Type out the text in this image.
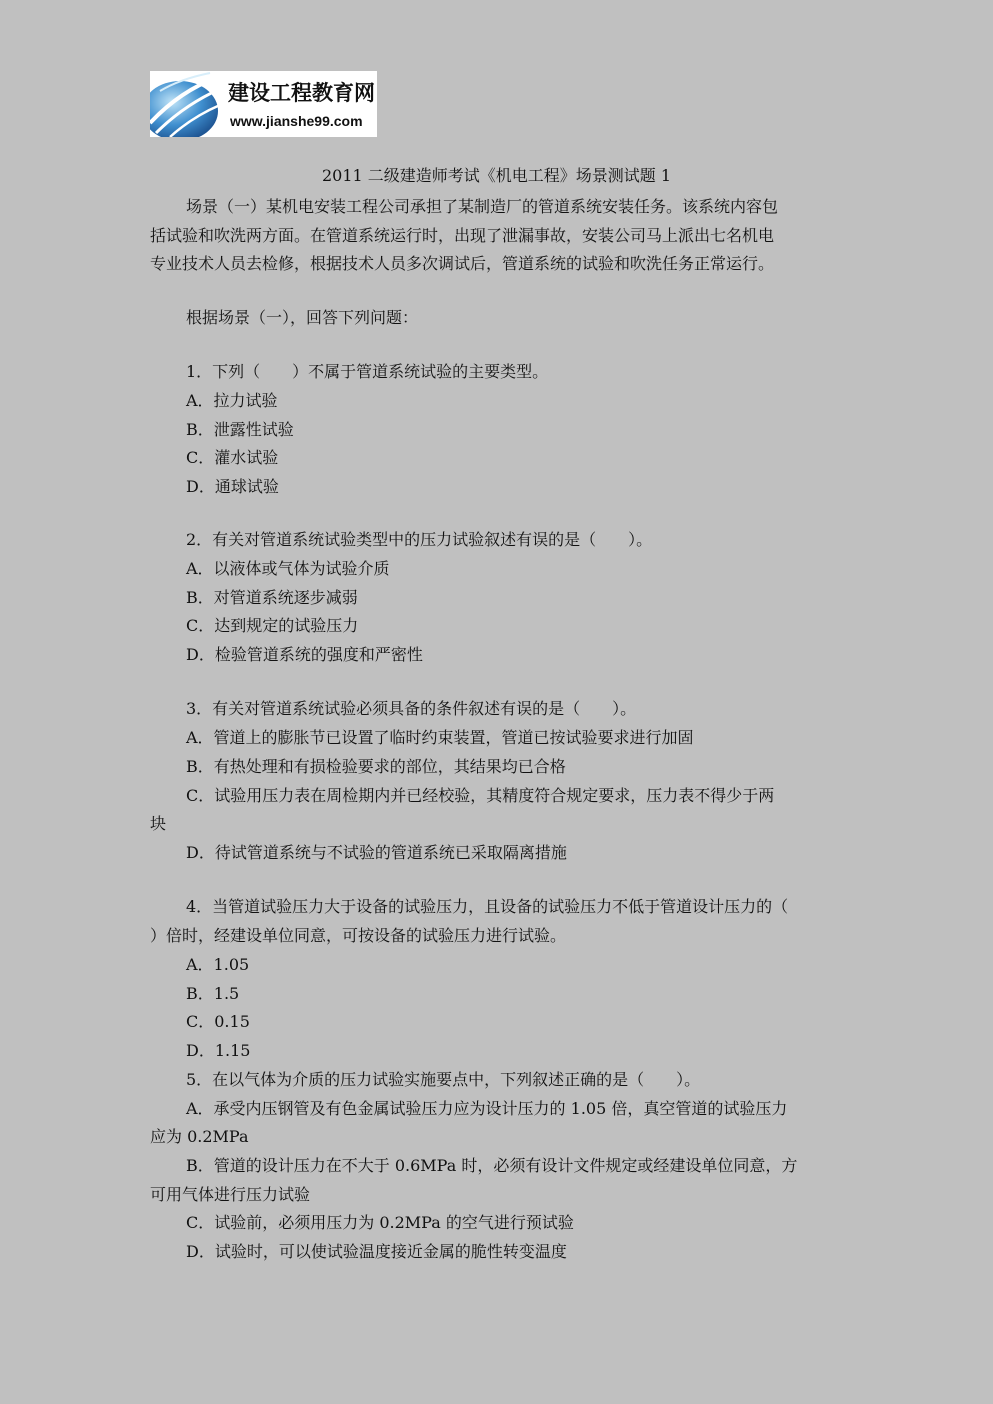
建设工程教育网
www.jianshe99.com
2011 二级建造师考试《机电工程》场景测试题 1
场景（一）某机电安装工程公司承担了某制造厂的管道系统安装任务。该系统内容包
括试验和吹洗两方面。在管道系统运行时，出现了泄漏事故，安装公司马上派出七名机电
专业技术人员去检修，根据技术人员多次调试后，管道系统的试验和吹洗任务正常运行。
根据场景（一），回答下列问题：
1．下列（　　）不属于管道系统试验的主要类型。
A．拉力试验
B．泄露性试验
C．灌水试验
D．通球试验
2．有关对管道系统试验类型中的压力试验叙述有误的是（　　）。
A．以液体或气体为试验介质
B．对管道系统逐步减弱
C．达到规定的试验压力
D．检验管道系统的强度和严密性
3．有关对管道系统试验必须具备的条件叙述有误的是（　　）。
A．管道上的膨胀节已设置了临时约束装置，管道已按试验要求进行加固
B．有热处理和有损检验要求的部位，其结果均已合格
C．试验用压力表在周检期内并已经校验，其精度符合规定要求，压力表不得少于两
块
D．待试管道系统与不试验的管道系统已采取隔离措施
4．当管道试验压力大于设备的试验压力，且设备的试验压力不低于管道设计压力的（
）倍时，经建设单位同意，可按设备的试验压力进行试验。
A．1.05
B．1.5
C．0.15
D．1.15
5．在以气体为介质的压力试验实施要点中，下列叙述正确的是（　　）。
A．承受内压钢管及有色金属试验压力应为设计压力的 1.05 倍，真空管道的试验压力
应为 0.2MPa
B．管道的设计压力在不大于 0.6MPa 时，必须有设计文件规定或经建设单位同意，方
可用气体进行压力试验
C．试验前，必须用压力为 0.2MPa 的空气进行预试验
D．试验时，可以使试验温度接近金属的脆性转变温度
